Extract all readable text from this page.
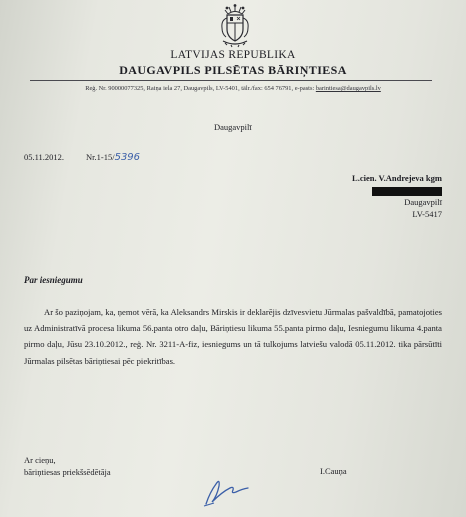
LATVIJAS REPUBLIKA
DAUGAVPILS PILSĒTAS BĀRIŅTIESA
Reģ. Nr. 90000077325, Raiņa iela 27, Daugavpils, LV-5401, tālr./fax: 654 76791, e-pasts: barintiesa@daugavpils.lv
Daugavpilī
05.11.2012.	Nr.1-15/5396
L.cien. V.Andrejeva kgm
Daugavpilī
LV-5417
Par iesniegumu
Ar šo paziņojam, ka, ņemot vērā, ka Aleksandrs Mirskis ir deklarējis dzīvesvietu Jūrmalas pašvaldībā, pamatojoties uz Administratīvā procesa likuma 56.panta otro daļu, Bāriņtiesu likuma 55.panta pirmo daļu, Iesniegumu likuma 4.panta pirmo daļu, Jūsu 23.10.2012., reģ. Nr. 3211-A-fiz, iesniegums un tā tulkojums latviešu valodā 05.11.2012. tika pārsūtīti Jūrmalas pilsētas bāriņtiesai pēc piekritības.
Ar cieņu,
bāriņtiesas priekšsēdētāja	I.Cauņa
